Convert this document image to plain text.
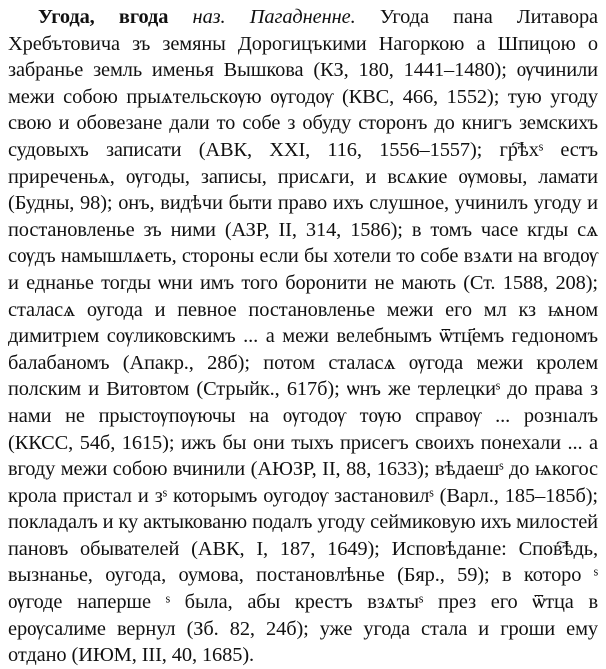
Угода, вгода наз. Пагадненне. Угода пана Литавора Хребътовича зъ земяны Дорогицъкими Нагоркою а Шпицою о забранье земль именья Вышкова (КЗ, 180, 1441–1480); ѹчинили межи собою прыѧтельскѹю ѹгодѹ (КВС, 466, 1552); тую угоду свою и обовезане дали то собе з обуду сторонъ до книгъ земскихъ судовыхъ записати (АВК, XXI, 116, 1556–1557); гр҇ѣхˢ естъ прирeченьѧ, ѹгоды, записы, присѧги, и всѧкие ѹмовы, ламати (Будны, 98); онъ, видѣчи быти право ихъ слушное, учинилъ угоду и постановленье зъ ними (АЗР, II, 314, 1586); в томъ часе кгды сѧ сѹдъ намышлѧеть, стороны если бы хотели то собе взѧти на вгодѹ и еднанье тогды ѡни имъ того боронити не мають (Ст. 1588, 208); сталасѧ оугода и певное постановленье межи его мл кз ѩном димитрıем сѹликовскимъ ... а межи велебнымъ ѿтц҃емъ гедıономъ балабаномъ (Апакр., 28б); потом сталасѧ ѹгода межи кролем полским и Витовтом (Стрыйк., 617б); ѡнъ же терлецкиˢ до права з нами не прыстѹпѹючы на ѹгодѹ тѹю справѹ ... рознıалъ (ККСС, 54б, 1615); ижъ бы они тыхъ присегъ своихъ понехали ... а вгоду межи собою вчинили (АЮЗР, II, 88, 1633); вѣдаешˢ до ѩкогос крола пристал и зˢ которымъ оугодѹ застановилˢ (Варл., 185–185б); покладалъ и ку актыкованю подалъ угоду сеймиковую ихъ милостей пановъ обывателей (АВК, I, 187, 1649); Исповѣданıе: Спов҇ѣдь, вызнанье, оугода, оумова, постановлѣнье (Бяр., 59); в которо ˢ ѹгоде наперше ˢ была, абы крестъ взѧтыˢ през его ѿтца в ерѹсалиме вернул (Зб. 82, 24б); уже угода стала и гроши ему отдано (ИЮМ, III, 40, 1685).
